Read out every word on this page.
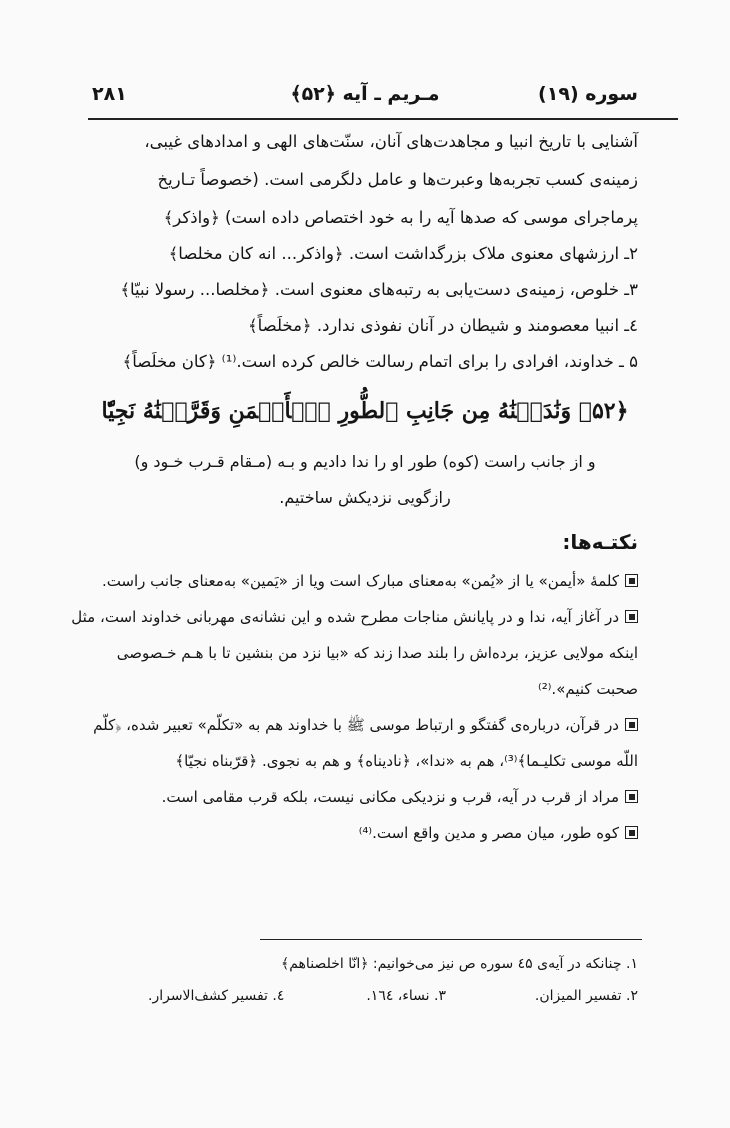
سوره (۱۹)
مـریم ـ آیه ﴿۵۲﴾
۲۸۱
آشنایی با تاریخ انبیا و مجاهدت‌های آنان، سنّت‌های الهی و امدادهای غیبی،
زمینه‌ی کسب تجربه‌ها وعبرت‌ها و عامل دلگرمی است. (خصوصاً تـاریخ
پرماجرای موسی که صدها آیه را به خود اختصاص داده است) ﴿واذکر﴾
۲ـ ارزشهای معنوی ملاک بزرگداشت است. ﴿واذکر... انه کان مخلصا﴾
۳ـ خلوص، زمینه‌ی دست‌یابی به رتبه‌های معنوی است. ﴿مخلصا... رسولا نبیّا﴾
٤ـ انبیا معصومند و شیطان در آنان نفوذی ندارد. ﴿مخلَصاً﴾
۵ ـ خداوند، افرادی را برای اتمام رسالت خالص کرده است.⁽¹⁾ ﴿کان مخلَصاً﴾
﴿۵۲﴾ وَنَٰدَيۡنَٰهُ مِن جَانِبِ ٱلطُّورِ ٱلۡأَيۡمَنِ وَقَرَّبۡنَٰهُ نَجِيّٗا
و از جانب راست (کوه) طور او را ندا دادیم و بـه (مـقام قـرب خـود و)
رازگویی نزدیکش ساختیم.
نکتـه‌ها:
کلمه‌ٔ «أیمن» یا از «یُمن» به‌معنای مبارک است ویا از «یَمین» به‌معنای جانب راست.
در آغاز آیه، ندا و در پایانش مناجات مطرح شده و این نشانه‌ی مهربانی خداوند است، مثل
اینکه مولایی عزیز، برده‌اش را بلند صدا زند که «بیا نزد من بنشین تا با هـم خـصوصی
صحبت کنیم».⁽²⁾
در قرآن، درباره‌ی گفتگو و ارتباط موسی ﷺ با خداوند هم به «تکلّم» تعبیر شده، ﴿کلّم
اللّه موسی تکلیـما﴾⁽³⁾، هم به «ندا»، ﴿نادیناه﴾ و هم به نجوی. ﴿قرّبناه نجیّا﴾
مراد از قرب در آیه، قرب و نزدیکی مکانی نیست، بلکه قرب مقامی است.
کوه طور، میان مصر و مدین واقع است.⁽⁴⁾
۱. چنانکه در آیه‌ی ٤۵ سوره ص نیز می‌خوانیم: ﴿انّا اخلصناهم﴾
۲. تفسیر المیزان.
۳. نساء، ١٦٤.
٤. تفسیر کشف‌الاسرار.
